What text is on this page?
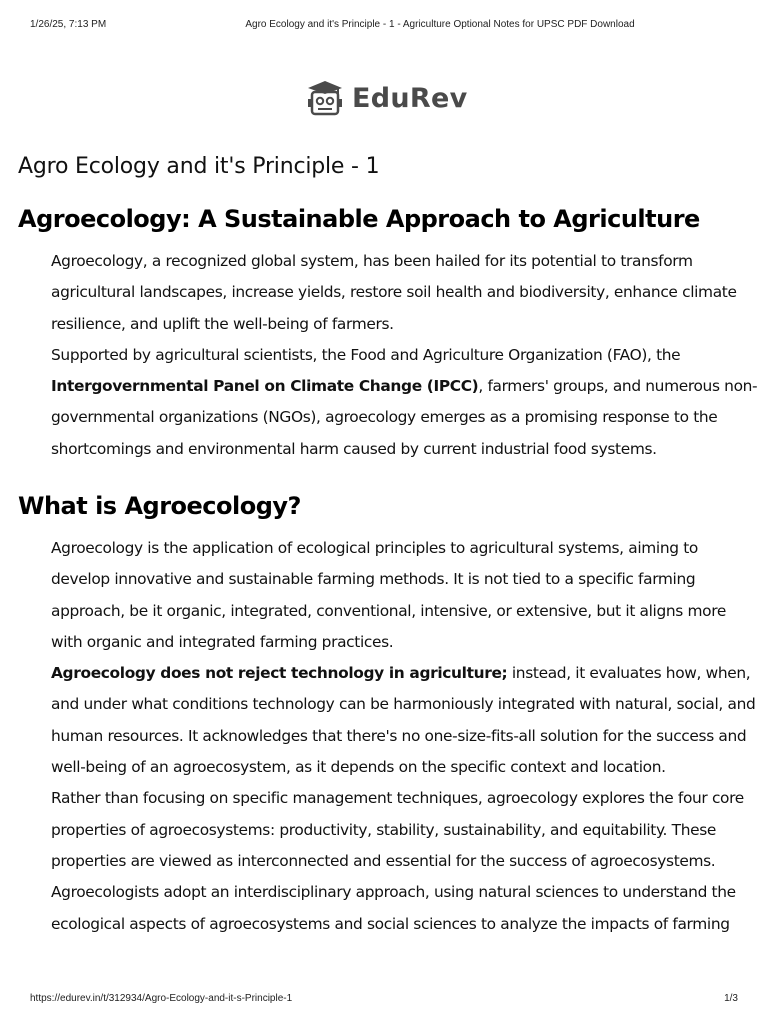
1/26/25, 7:13 PM	Agro Ecology and it's Principle - 1 - Agriculture Optional Notes for UPSC PDF Download
EduRev
Agro Ecology and it's Principle - 1
Agroecology: A Sustainable Approach to Agriculture

Agroecology, a recognized global system, has been hailed for its potential to transform agricultural landscapes, increase yields, restore soil health and biodiversity, enhance climate resilience, and uplift the well-being of farmers.

Supported by agricultural scientists, the Food and Agriculture Organization (FAO), the Intergovernmental Panel on Climate Change (IPCC), farmers' groups, and numerous non-governmental organizations (NGOs), agroecology emerges as a promising response to the shortcomings and environmental harm caused by current industrial food systems.

What is Agroecology?

Agroecology is the application of ecological principles to agricultural systems, aiming to develop innovative and sustainable farming methods. It is not tied to a specific farming approach, be it organic, integrated, conventional, intensive, or extensive, but it aligns more with organic and integrated farming practices.

Agroecology does not reject technology in agriculture; instead, it evaluates how, when, and under what conditions technology can be harmoniously integrated with natural, social, and human resources. It acknowledges that there's no one-size-fits-all solution for the success and well-being of an agroecosystem, as it depends on the specific context and location.

Rather than focusing on specific management techniques, agroecology explores the four core properties of agroecosystems: productivity, stability, sustainability, and equitability. These properties are viewed as interconnected and essential for the success of agroecosystems.

Agroecologists adopt an interdisciplinary approach, using natural sciences to understand the ecological aspects of agroecosystems and social sciences to analyze the impacts of farming

https://edurev.in/t/312934/Agro-Ecology-and-it-s-Principle-1	1/3
